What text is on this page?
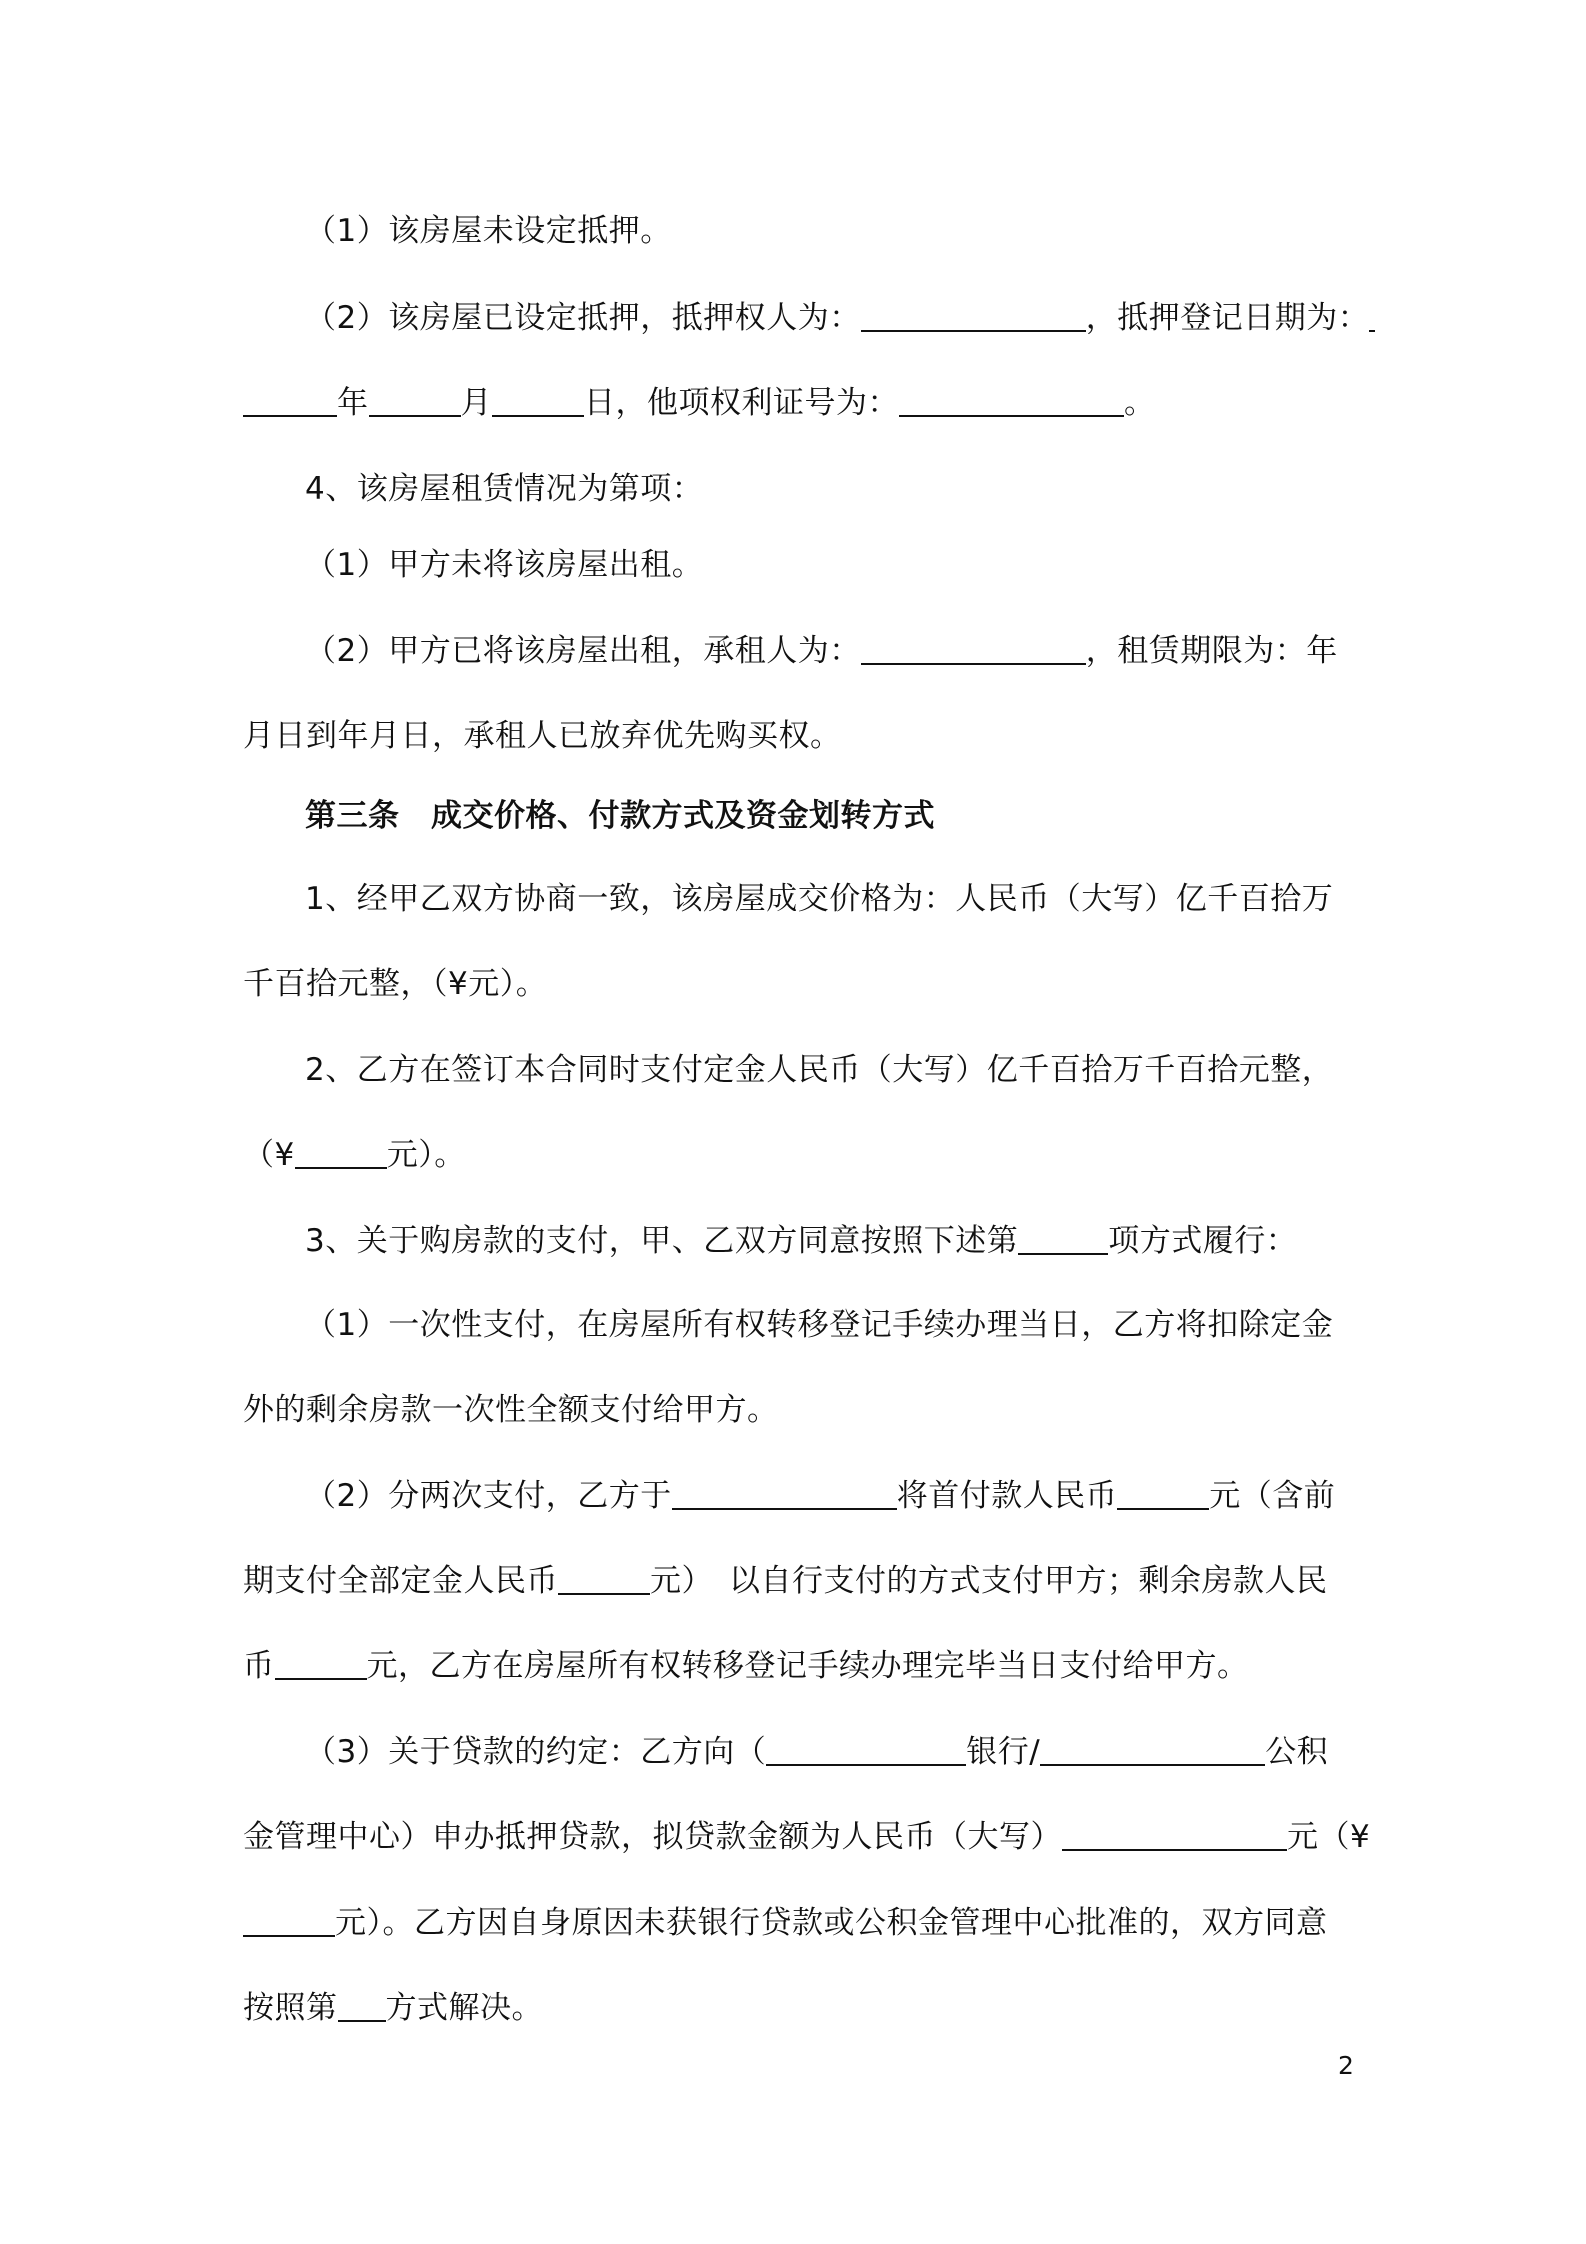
（1）该房屋未设定抵押。
（2）该房屋已设定抵押，抵押权人为：	，抵押登记日期为：
年	月	日，他项权利证号为：	。
4、该房屋租赁情况为第项：
（1）甲方未将该房屋出租。
（2）甲方已将该房屋出租，承租人为：	，租赁期限为：年
月日到年月日，承租人已放弃优先购买权。
第三条　成交价格、付款方式及资金划转方式
1、经甲乙双方协商一致，该房屋成交价格为：人民币（大写）亿千百拾万
千百拾元整，（¥元）。
2、乙方在签订本合同时支付定金人民币（大写）亿千百拾万千百拾元整，
（¥	元）。
3、关于购房款的支付，甲、乙双方同意按照下述第	项方式履行：
（1）一次性支付，在房屋所有权转移登记手续办理当日，乙方将扣除定金
外的剩余房款一次性全额支付给甲方。
（2）分两次支付，乙方于	将首付款人民币	元（含前
期支付全部定金人民币	元）　以自行支付的方式支付甲方；剩余房款人民
币	元，乙方在房屋所有权转移登记手续办理完毕当日支付给甲方。
（3）关于贷款的约定：乙方向（	银行/	公积
金管理中心）申办抵押贷款，拟贷款金额为人民币（大写）	元（¥
元）。乙方因自身原因未获银行贷款或公积金管理中心批准的，双方同意
按照第 方式解决。
2
